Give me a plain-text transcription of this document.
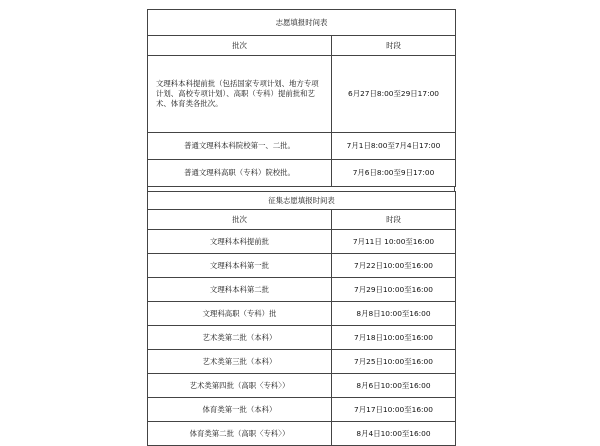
志愿填报时间表	
批次	时段
文理科本科提前批（包括国家专项计划、地方专项计划、高校专项计划）、高职（专科）提前批和艺术、体育类各批次。	6月27日8:00至29日17:00
普通文理科本科院校第一、二批。	7月1日8:00至7月4日17:00
普通文理科高职（专科）院校批。	7月6日8:00至9日17:00
征集志愿填报时间表	
批次	时段
文理科本科提前批	7月11日 10:00至16:00
文理科本科第一批	7月22日10:00至16:00
文理科本科第二批	7月29日10:00至16:00
文理科高职（专科）批	8月8日10:00至16:00
艺术类第二批（本科）	7月18日10:00至16:00
艺术类第三批（本科）	7月25日10:00至16:00
艺术类第四批（高职〈专科〉）	8月6日10:00至16:00
体育类第一批（本科）	7月17日10:00至16:00
体育类第二批（高职〈专科〉）	8月4日10:00至16:00
